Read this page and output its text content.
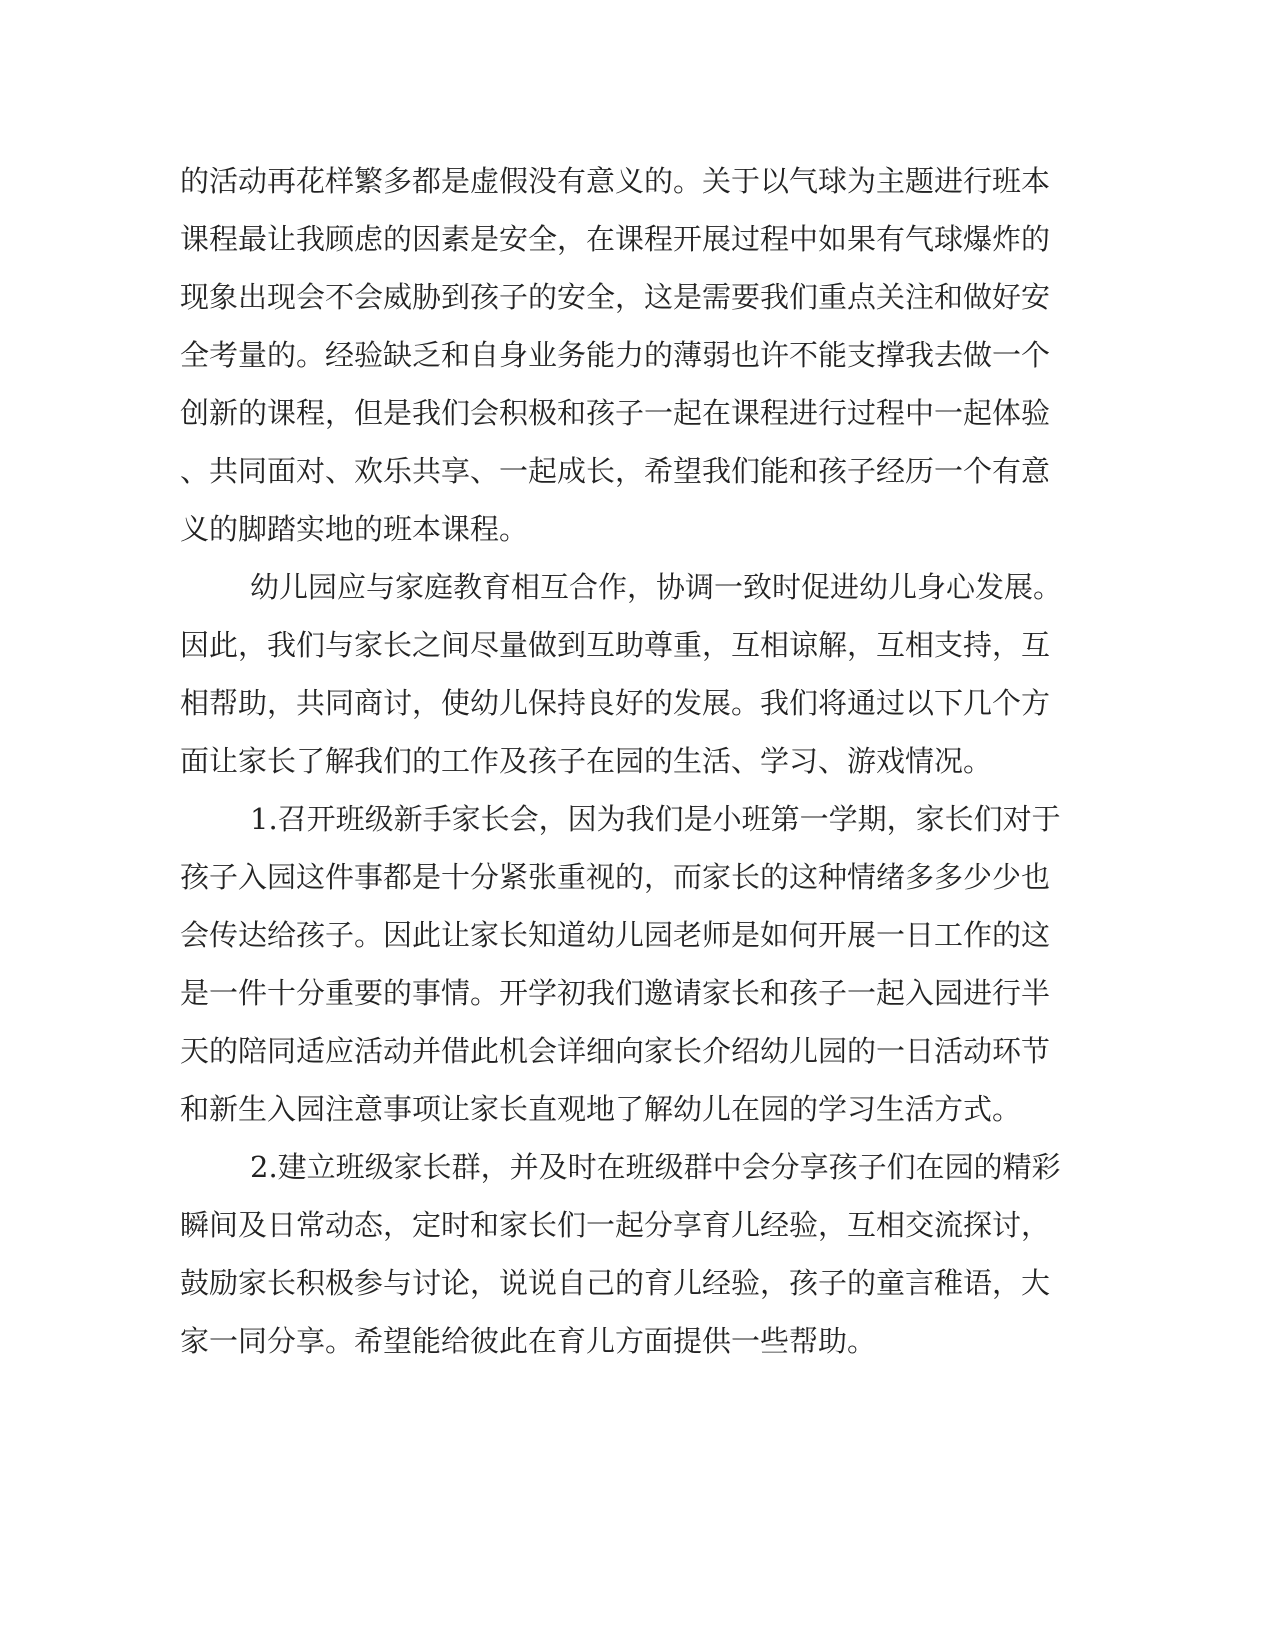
的活动再花样繁多都是虚假没有意义的。关于以气球为主题进行班本
课程最让我顾虑的因素是安全，在课程开展过程中如果有气球爆炸的
现象出现会不会威胁到孩子的安全，这是需要我们重点关注和做好安
全考量的。经验缺乏和自身业务能力的薄弱也许不能支撑我去做一个
创新的课程，但是我们会积极和孩子一起在课程进行过程中一起体验
、共同面对、欢乐共享、一起成长，希望我们能和孩子经历一个有意
义的脚踏实地的班本课程。
幼儿园应与家庭教育相互合作，协调一致时促进幼儿身心发展。
因此，我们与家长之间尽量做到互助尊重，互相谅解，互相支持，互
相帮助，共同商讨，使幼儿保持良好的发展。我们将通过以下几个方
面让家长了解我们的工作及孩子在园的生活、学习、游戏情况。
1.召开班级新手家长会，因为我们是小班第一学期，家长们对于
孩子入园这件事都是十分紧张重视的，而家长的这种情绪多多少少也
会传达给孩子。因此让家长知道幼儿园老师是如何开展一日工作的这
是一件十分重要的事情。开学初我们邀请家长和孩子一起入园进行半
天的陪同适应活动并借此机会详细向家长介绍幼儿园的一日活动环节
和新生入园注意事项让家长直观地了解幼儿在园的学习生活方式。
2.建立班级家长群，并及时在班级群中会分享孩子们在园的精彩
瞬间及日常动态，定时和家长们一起分享育儿经验，互相交流探讨，
鼓励家长积极参与讨论，说说自己的育儿经验，孩子的童言稚语，大
家一同分享。希望能给彼此在育儿方面提供一些帮助。
